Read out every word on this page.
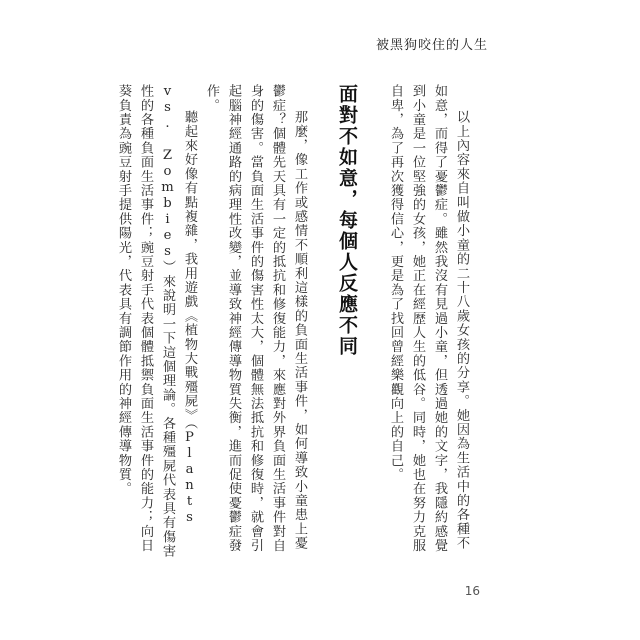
被黑狗咬住的人生

以上內容來自叫做小童的二十八歲女孩的分享。她因為生活中的各種不如意，而得了憂鬱症。雖然我沒有見過小童，但透過她的文字，我隱約感覺到小童是一位堅強的女孩，她正在經歷人生的低谷。同時，她也在努力克服自卑，為了再次獲得信心，更是為了找回曾經樂觀向上的自己。

面對不如意，每個人反應不同

那麼，像工作或感情不順利這樣的負面生活事件，如何導致小童患上憂鬱症？個體先天具有一定的抵抗和修復能力，來應對外界負面生活事件對自身的傷害。當負面生活事件的傷害性太大，個體無法抵抗和修復時，就會引起腦神經通路的病理性改變，並導致神經傳導物質失衡，進而促使憂鬱症發作。

聽起來好像有點複雜，我用遊戲《植物大戰殭屍》（Plants vs. Zombies）來說明一下這個理論。各種殭屍代表具有傷害性的各種負面生活事件；豌豆射手代表個體抵禦負面生活事件的能力；向日葵負責為豌豆射手提供陽光，代表具有調節作用的神經傳導物質。

16
